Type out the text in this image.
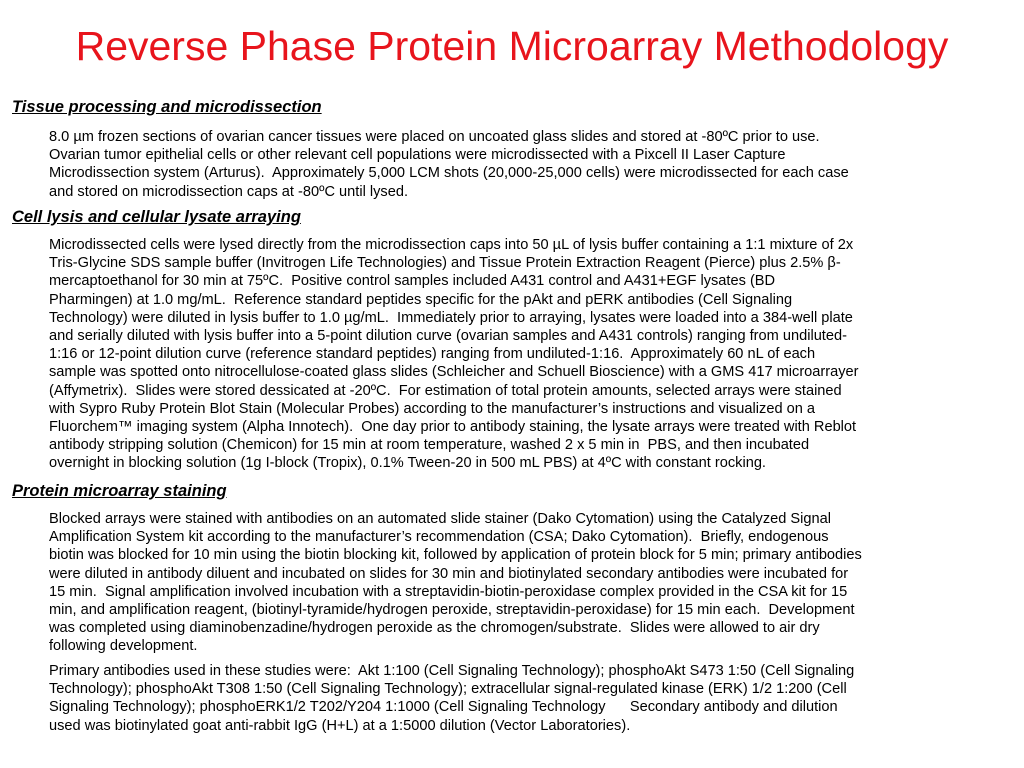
Reverse Phase Protein Microarray Methodology
Tissue processing and microdissection
8.0 µm frozen sections of ovarian cancer tissues were placed on uncoated glass slides and stored at -80ºC prior to use.
Ovarian tumor epithelial cells or other relevant cell populations were microdissected with a Pixcell II Laser Capture
Microdissection system (Arturus).  Approximately 5,000 LCM shots (20,000-25,000 cells) were microdissected for each case
and stored on microdissection caps at -80ºC until lysed.
Cell lysis and cellular lysate arraying
Microdissected cells were lysed directly from the microdissection caps into 50 µL of lysis buffer containing a 1:1 mixture of 2x
Tris-Glycine SDS sample buffer (Invitrogen Life Technologies) and Tissue Protein Extraction Reagent (Pierce) plus 2.5% β-
mercaptoethanol for 30 min at 75ºC.  Positive control samples included A431 control and A431+EGF lysates (BD
Pharmingen) at 1.0 mg/mL.  Reference standard peptides specific for the pAkt and pERK antibodies (Cell Signaling
Technology) were diluted in lysis buffer to 1.0 µg/mL.  Immediately prior to arraying, lysates were loaded into a 384-well plate
and serially diluted with lysis buffer into a 5-point dilution curve (ovarian samples and A431 controls) ranging from undiluted-
1:16 or 12-point dilution curve (reference standard peptides) ranging from undiluted-1:16.  Approximately 60 nL of each
sample was spotted onto nitrocellulose-coated glass slides (Schleicher and Schuell Bioscience) with a GMS 417 microarrayer
(Affymetrix).  Slides were stored dessicated at -20ºC.  For estimation of total protein amounts, selected arrays were stained
with Sypro Ruby Protein Blot Stain (Molecular Probes) according to the manufacturer’s instructions and visualized on a
Fluorchem™ imaging system (Alpha Innotech).  One day prior to antibody staining, the lysate arrays were treated with Reblot
antibody stripping solution (Chemicon) for 15 min at room temperature, washed 2 x 5 min in  PBS, and then incubated
overnight in blocking solution (1g I-block (Tropix), 0.1% Tween-20 in 500 mL PBS) at 4ºC with constant rocking.
Protein microarray staining
Blocked arrays were stained with antibodies on an automated slide stainer (Dako Cytomation) using the Catalyzed Signal
Amplification System kit according to the manufacturer’s recommendation (CSA; Dako Cytomation).  Briefly, endogenous
biotin was blocked for 10 min using the biotin blocking kit, followed by application of protein block for 5 min; primary antibodies
were diluted in antibody diluent and incubated on slides for 30 min and biotinylated secondary antibodies were incubated for
15 min.  Signal amplification involved incubation with a streptavidin-biotin-peroxidase complex provided in the CSA kit for 15
min, and amplification reagent, (biotinyl-tyramide/hydrogen peroxide, streptavidin-peroxidase) for 15 min each.  Development
was completed using diaminobenzadine/hydrogen peroxide as the chromogen/substrate.  Slides were allowed to air dry
following development.
Primary antibodies used in these studies were:  Akt 1:100 (Cell Signaling Technology); phosphoAkt S473 1:50 (Cell Signaling
Technology); phosphoAkt T308 1:50 (Cell Signaling Technology); extracellular signal-regulated kinase (ERK) 1/2 1:200 (Cell
Signaling Technology); phosphoERK1/2 T202/Y204 1:1000 (Cell Signaling Technology      Secondary antibody and dilution
used was biotinylated goat anti-rabbit IgG (H+L) at a 1:5000 dilution (Vector Laboratories).
